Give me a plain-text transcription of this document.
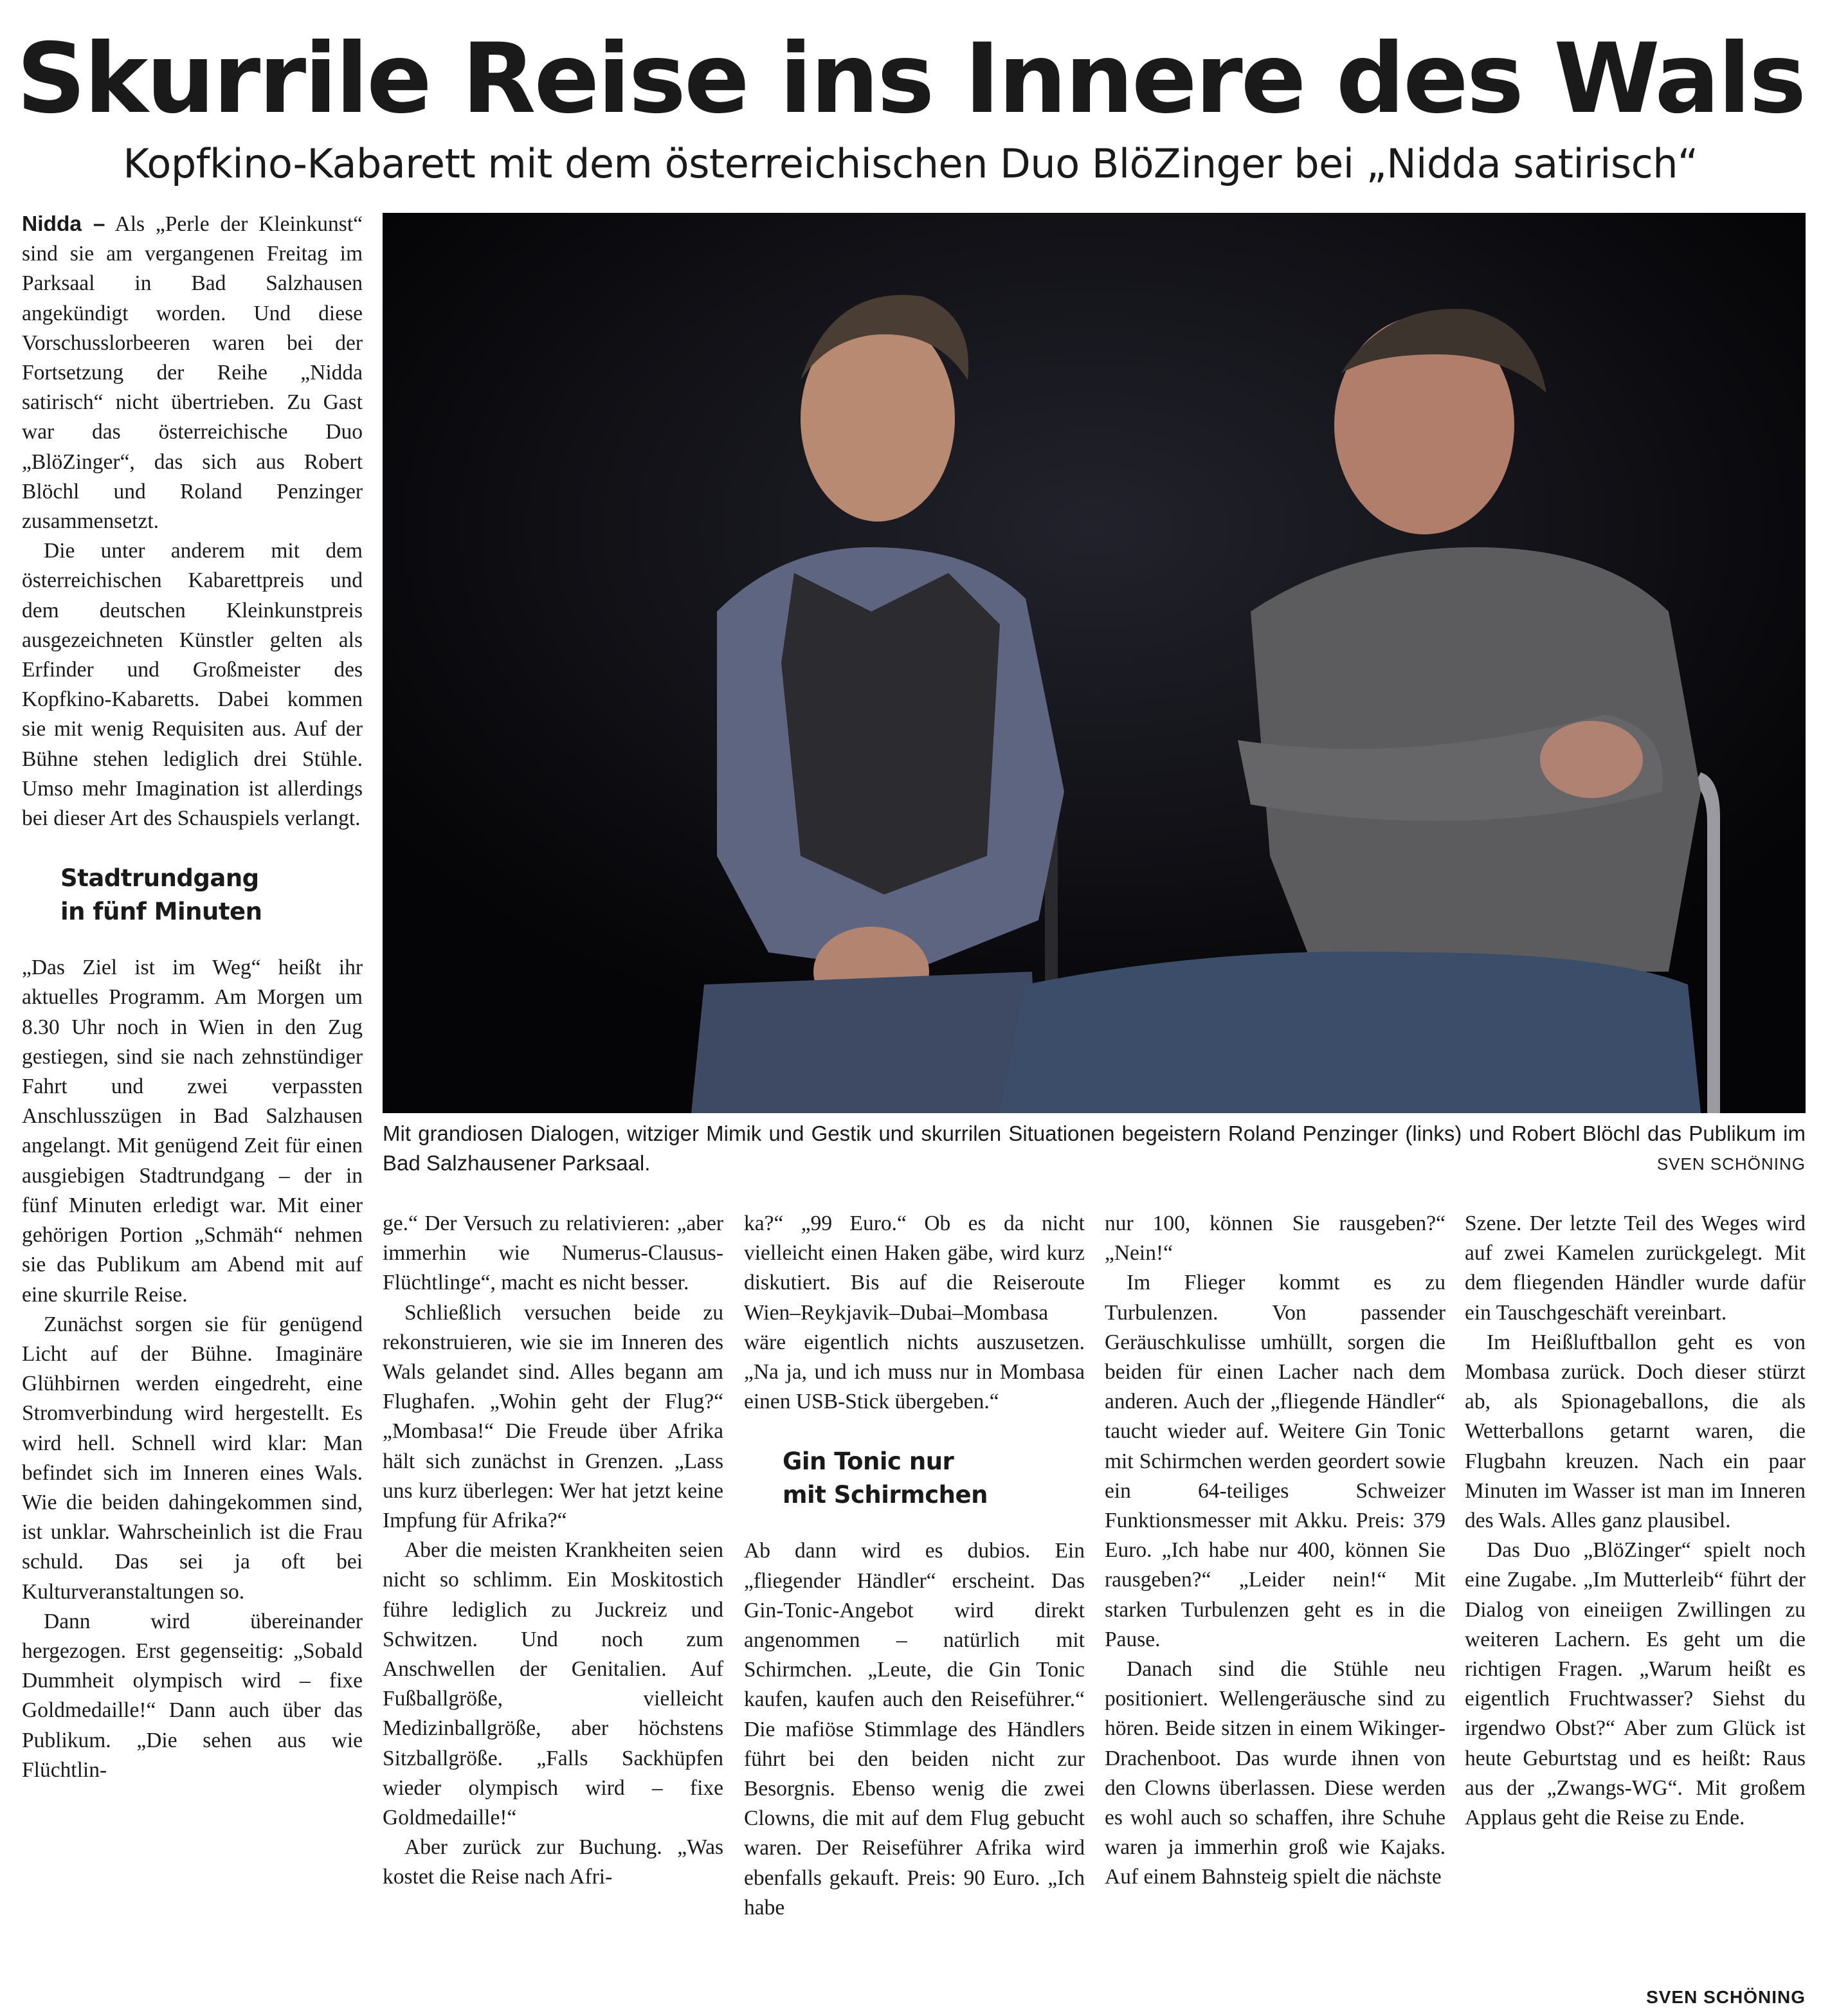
Skurrile Reise ins Innere des Wals
Kopfkino-Kabarett mit dem österreichischen Duo BlöZinger bei „Nidda satirisch“
Mit grandiosen Dialogen, witziger Mimik und Gestik und skurrilen Situationen begeistern Roland Penzinger (links) und Robert Blöchl das Publikum im Bad Salzhausener Parksaal.	SVEN SCHÖNING

Nidda – Als „Perle der Kleinkunst“ sind sie am vergangenen Freitag im Parksaal in Bad Salzhausen angekündigt worden. Und diese Vorschusslorbeeren waren bei der Fortsetzung der Reihe „Nidda satirisch“ nicht übertrieben. Zu Gast war das österreichische Duo „BlöZinger“, das sich aus Robert Blöchl und Roland Penzinger zusammensetzt.

Die unter anderem mit dem österreichischen Kabarettpreis und dem deutschen Kleinkunstpreis ausgezeichneten Künstler gelten als Erfinder und Großmeister des Kopfkino-Kabaretts. Dabei kommen sie mit wenig Requisiten aus. Auf der Bühne stehen lediglich drei Stühle. Umso mehr Imagination ist allerdings bei dieser Art des Schauspiels verlangt.

Stadtrundgang
in fünf Minuten

„Das Ziel ist im Weg“ heißt ihr aktuelles Programm. Am Morgen um 8.30 Uhr noch in Wien in den Zug gestiegen, sind sie nach zehnstündiger Fahrt und zwei verpassten Anschlusszügen in Bad Salzhausen angelangt. Mit genügend Zeit für einen ausgiebigen Stadtrundgang – der in fünf Minuten erledigt war. Mit einer gehörigen Portion „Schmäh“ nehmen sie das Publikum am Abend mit auf eine skurrile Reise.

Zunächst sorgen sie für genügend Licht auf der Bühne. Imaginäre Glühbirnen werden eingedreht, eine Stromverbindung wird hergestellt. Es wird hell. Schnell wird klar: Man befindet sich im Inneren eines Wals. Wie die beiden dahingekommen sind, ist unklar. Wahrscheinlich ist die Frau schuld. Das sei ja oft bei Kulturveranstaltungen so.

Dann wird übereinander hergezogen. Erst gegenseitig: „Sobald Dummheit olympisch wird – fixe Goldmedaille!“ Dann auch über das Publikum. „Die sehen aus wie Flüchtlin-

ge.“ Der Versuch zu relativieren: „aber immerhin wie Numerus-Clausus-Flüchtlinge“, macht es nicht besser.

Schließlich versuchen beide zu rekonstruieren, wie sie im Inneren des Wals gelandet sind. Alles begann am Flughafen. „Wohin geht der Flug?“ „Mombasa!“ Die Freude über Afrika hält sich zunächst in Grenzen. „Lass uns kurz überlegen: Wer hat jetzt keine Impfung für Afrika?“

Aber die meisten Krankheiten seien nicht so schlimm. Ein Moskitostich führe lediglich zu Juckreiz und Schwitzen. Und noch zum Anschwellen der Genitalien. Auf Fußballgröße, vielleicht Medizinballgröße, aber höchstens Sitzballgröße. „Falls Sackhüpfen wieder olympisch wird – fixe Goldmedaille!“

Aber zurück zur Buchung. „Was kostet die Reise nach Afri-

ka?“ „99 Euro.“ Ob es da nicht vielleicht einen Haken gäbe, wird kurz diskutiert. Bis auf die Reiseroute Wien–Reykjavik–Dubai–Mombasa wäre eigentlich nichts auszusetzen. „Na ja, und ich muss nur in Mombasa einen USB-Stick übergeben.“

Gin Tonic nur
mit Schirmchen

Ab dann wird es dubios. Ein „fliegender Händler“ erscheint. Das Gin-Tonic-Angebot wird direkt angenommen – natürlich mit Schirmchen. „Leute, die Gin Tonic kaufen, kaufen auch den Reiseführer.“ Die mafiöse Stimmlage des Händlers führt bei den beiden nicht zur Besorgnis. Ebenso wenig die zwei Clowns, die mit auf dem Flug gebucht waren. Der Reiseführer Afrika wird ebenfalls gekauft. Preis: 90 Euro. „Ich habe

nur 100, können Sie rausgeben?“ „Nein!“

Im Flieger kommt es zu Turbulenzen. Von passender Geräuschkulisse umhüllt, sorgen die beiden für einen Lacher nach dem anderen. Auch der „fliegende Händler“ taucht wieder auf. Weitere Gin Tonic mit Schirmchen werden geordert sowie ein 64-teiliges Schweizer Funktionsmesser mit Akku. Preis: 379 Euro. „Ich habe nur 400, können Sie rausgeben?“ „Leider nein!“ Mit starken Turbulenzen geht es in die Pause.

Danach sind die Stühle neu positioniert. Wellengeräusche sind zu hören. Beide sitzen in einem Wikinger-Drachenboot. Das wurde ihnen von den Clowns überlassen. Diese werden es wohl auch so schaffen, ihre Schuhe waren ja immerhin groß wie Kajaks. Auf einem Bahnsteig spielt die nächste

Szene. Der letzte Teil des Weges wird auf zwei Kamelen zurückgelegt. Mit dem fliegenden Händler wurde dafür ein Tauschgeschäft vereinbart.

Im Heißluftballon geht es von Mombasa zurück. Doch dieser stürzt ab, als Spionageballons, die als Wetterballons getarnt waren, die Flugbahn kreuzen. Nach ein paar Minuten im Wasser ist man im Inneren des Wals. Alles ganz plausibel.

Das Duo „BlöZinger“ spielt noch eine Zugabe. „Im Mutterleib“ führt der Dialog von eineiigen Zwillingen zu weiteren Lachern. Es geht um die richtigen Fragen. „Warum heißt es eigentlich Fruchtwasser? Siehst du irgendwo Obst?“ Aber zum Glück ist heute Geburtstag und es heißt: Raus aus der „Zwangs-WG“. Mit großem Applaus geht die Reise zu Ende.

SVEN SCHÖNING
